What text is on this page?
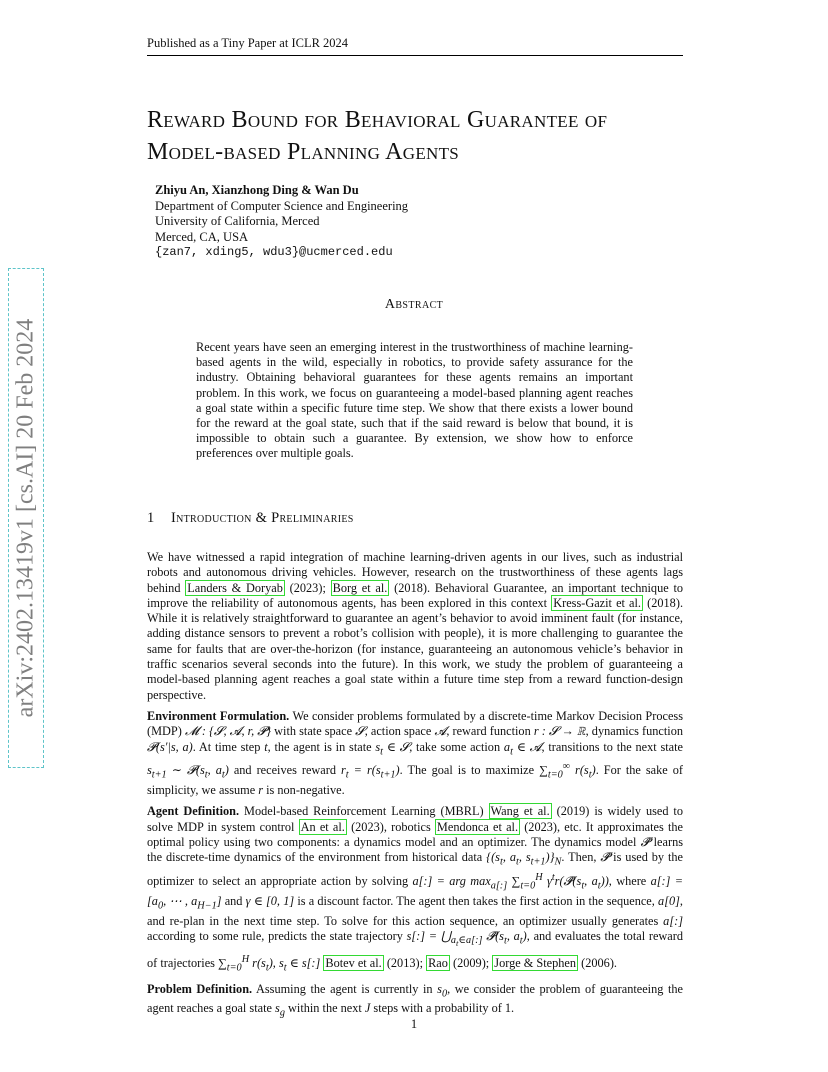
Published as a Tiny Paper at ICLR 2024
arXiv:2402.13419v1 [cs.AI] 20 Feb 2024
Reward Bound for Behavioral Guarantee of
Model-based Planning Agents
Zhiyu An, Xianzhong Ding & Wan Du
Department of Computer Science and Engineering
University of California, Merced
Merced, CA, USA
{zan7, xding5, wdu3}@ucmerced.edu
Abstract
Recent years have seen an emerging interest in the trustworthiness of machine learning-based agents in the wild, especially in robotics, to provide safety assurance for the industry. Obtaining behavioral guarantees for these agents remains an important problem. In this work, we focus on guaranteeing a model-based planning agent reaches a goal state within a specific future time step. We show that there exists a lower bound for the reward at the goal state, such that if the said reward is below that bound, it is impossible to obtain such a guarantee. By extension, we show how to enforce preferences over multiple goals.
1 Introduction & Preliminaries

We have witnessed a rapid integration of machine learning-driven agents in our lives, such as industrial robots and autonomous driving vehicles. However, research on the trustworthiness of these agents lags behind Landers & Doryab (2023); Borg et al. (2018). Behavioral Guarantee, an important technique to improve the reliability of autonomous agents, has been explored in this context Kress-Gazit et al. (2018). While it is relatively straightforward to guarantee an agent’s behavior to avoid imminent fault (for instance, adding distance sensors to prevent a robot’s collision with people), it is more challenging to guarantee the same for faults that are over-the-horizon (for instance, guaranteeing an autonomous vehicle’s behavior in traffic scenarios several seconds into the future). In this work, we study the problem of guaranteeing a model-based planning agent reaches a goal state within a future time step from a reward function-design perspective.

Environment Formulation. We consider problems formulated by a discrete-time Markov Decision Process (MDP) 𝓜 : {𝓢, 𝓐, r, 𝓟} with state space 𝓢, action space 𝓐, reward function r : 𝓢 → ℝ, dynamics function 𝓟(s′|s, a). At time step t, the agent is in state $s_t$ ∈ 𝓢, take some action $a_t$ ∈ 𝓐, transitions to the next state $s_{t+1}$ ∼ $𝓟(s_t$, $a_t$) and receives reward $r_t = r(s_{t+1})$. The goal is to maximize $\sum_{t=0}^\infty$ $r(s_t)$. For the sake of simplicity, we assume r is non-negative.

Agent Definition. Model-based Reinforcement Learning (MBRL) Wang et al. (2019) is widely used to solve MDP in system control An et al. (2023), robotics Mendonca et al. (2023), etc. It approximates the optimal policy using two components: a dynamics model and an optimizer. The dynamics model 𝓟̂ learns the discrete-time dynamics of the environment from historical data {($s_t$, $a_t$, $s_{t+1})\}_N$. Then, 𝓟̂ is used by the optimizer to select an appropriate action by solving a[:] = arg $\max_{a[:]} \sum_{t=0}^H$ $\gamma^tr(𝓟̂(s_t$, $a_t$)), where a[:] = [$a_0$, ⋯ , $a_{H-1}$] and γ ∈ [0, 1] is a discount factor. The agent then takes the first action in the sequence, a[0], and re-plan in the next time step. To solve for this action sequence, an optimizer usually generates a[:] according to some rule, predicts the state trajectory s[:] = $⋃_{a_t\in a[:]}$ $𝓟̂(s_t$, $a_t$), and evaluates the total reward of trajectories $\sum_{t=0}^H$ $r(s_t)$, $s_t$ ∈ s[:] Botev et al. (2013); Rao (2009); Jorge & Stephen (2006).

Problem Definition. Assuming the agent is currently in $s_0$, we consider the problem of guaranteeing the agent reaches a goal state $s_g$ within the next J steps with a probability of 1.

1
